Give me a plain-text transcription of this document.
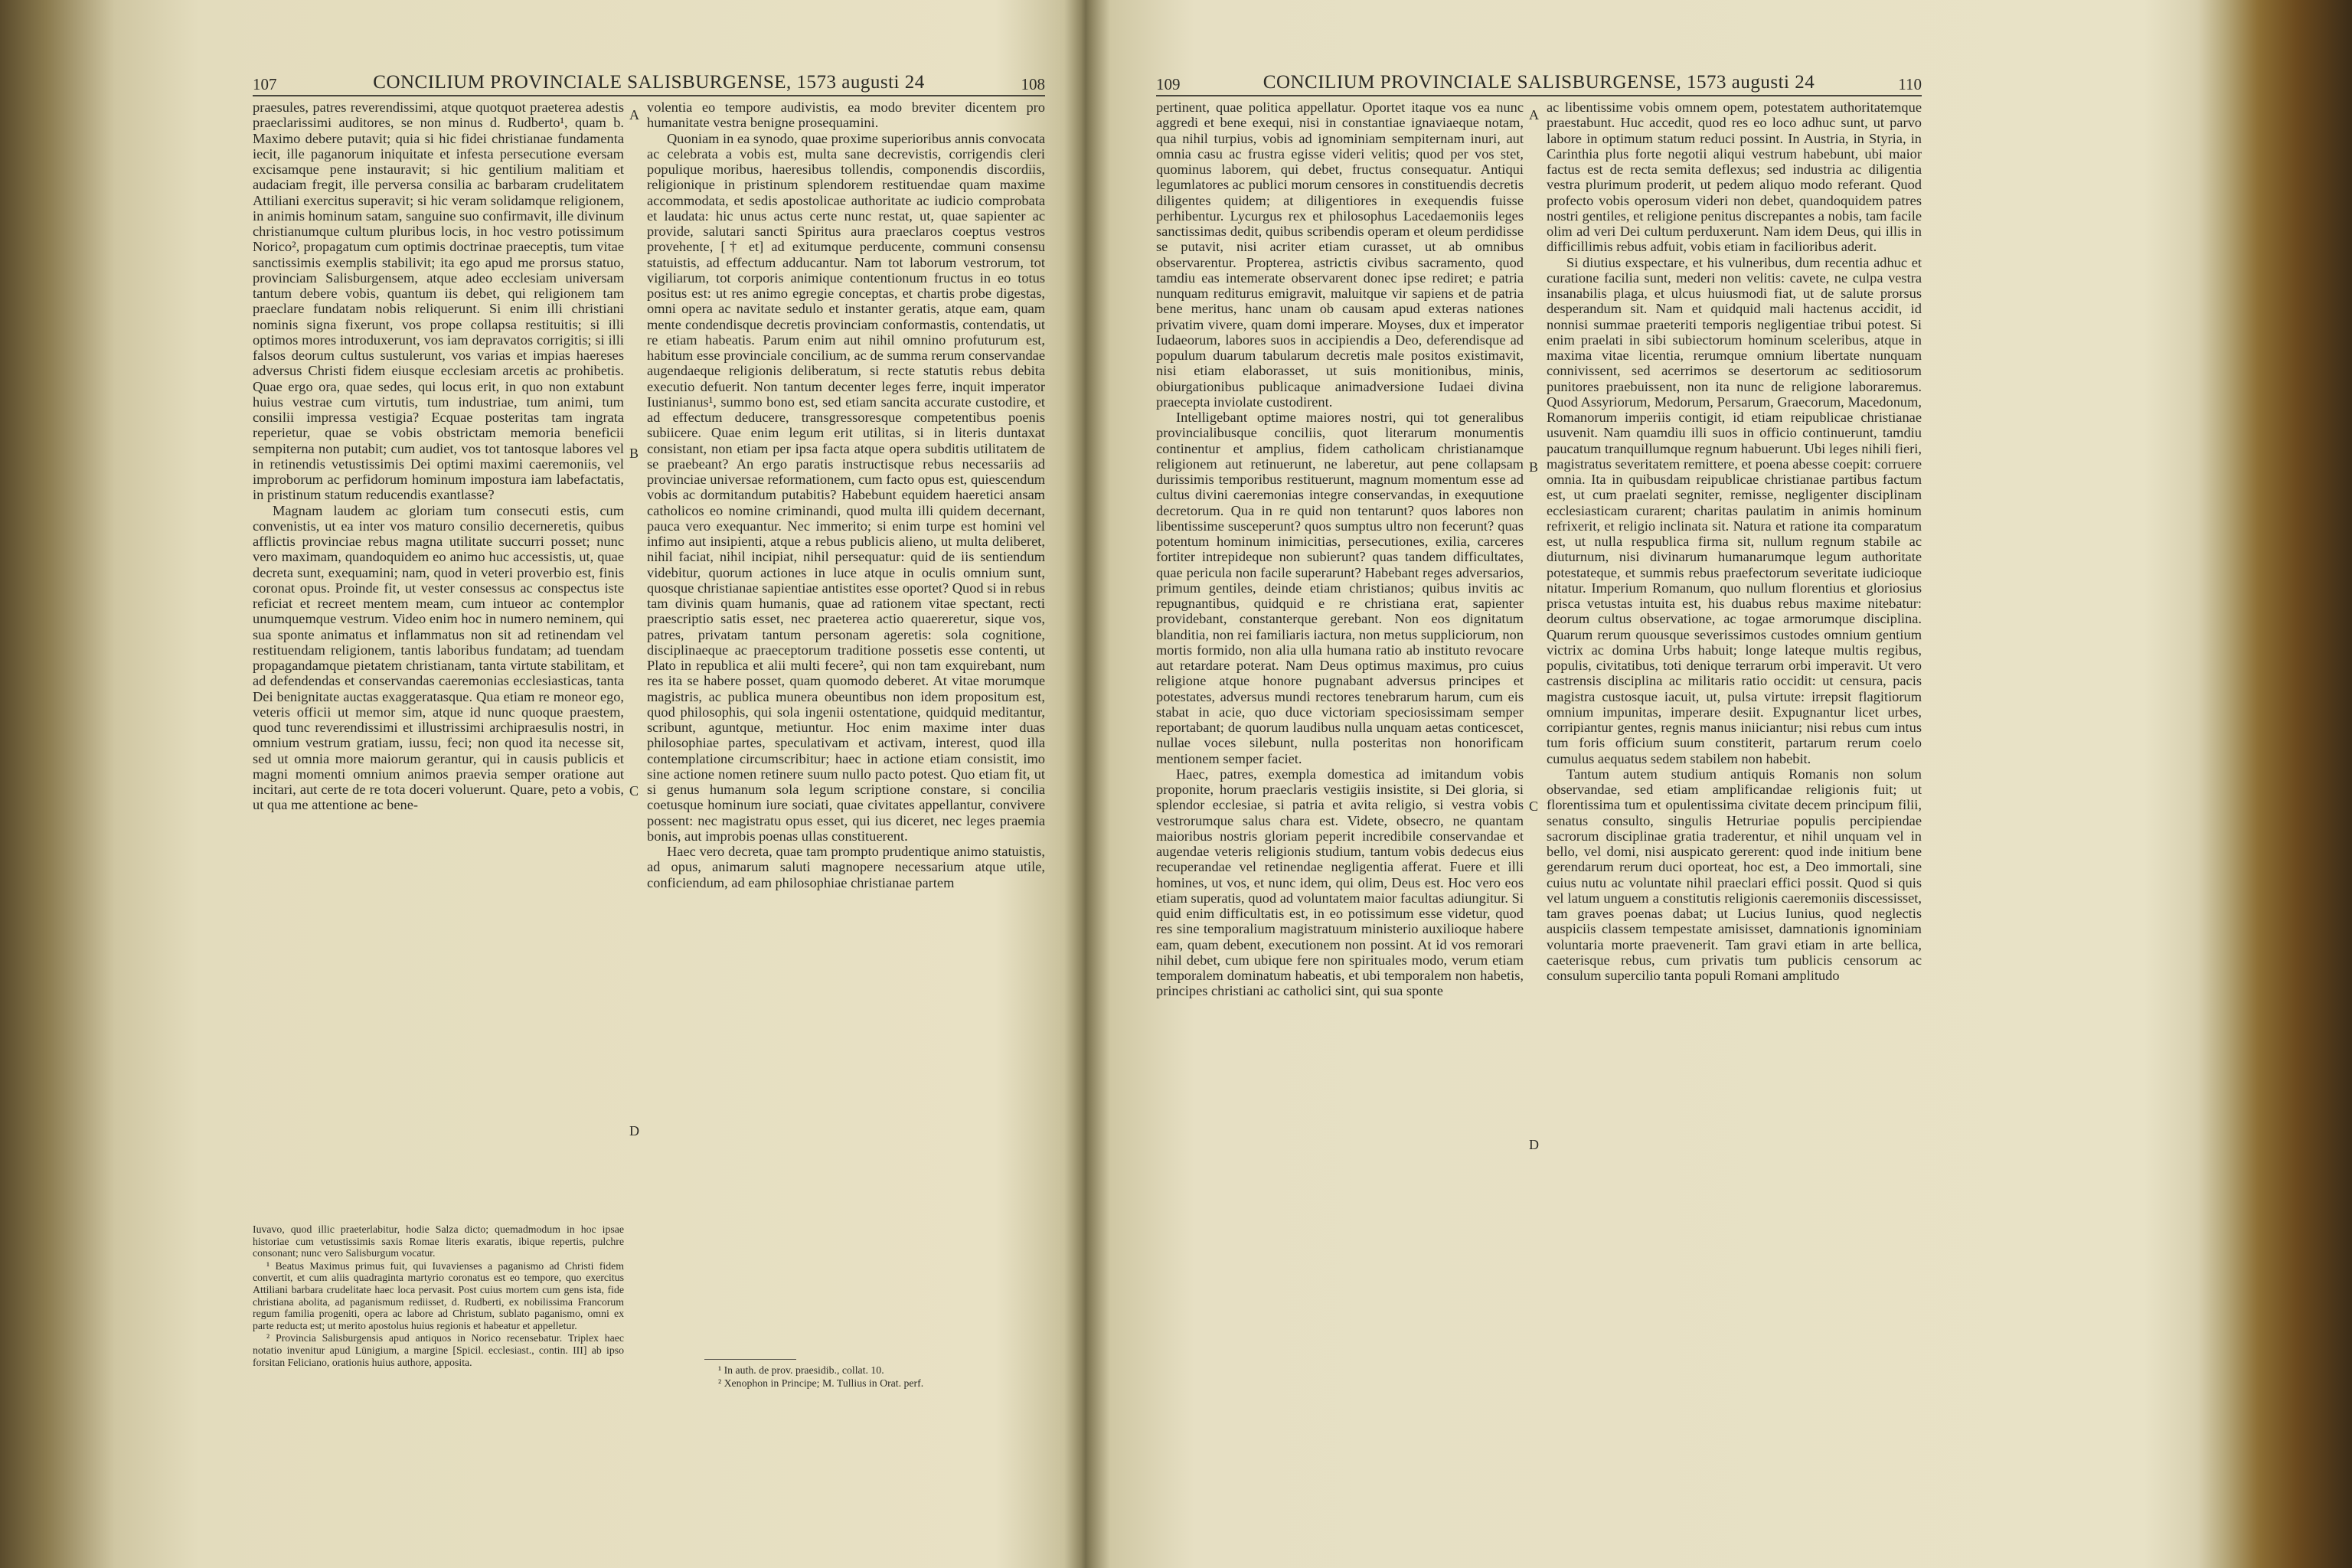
107	CONCILIUM PROVINCIALE SALISBURGENSE, 1573 augusti 24	108

praesules, patres reverendissimi, atque quotquot praeterea adestis praeclarissimi auditores, se non minus d. Rudberto¹, quam b. Maximo debere putavit; quia si hic fidei christianae fundamenta iecit, ille paganorum iniquitate et infesta persecutione eversam excisamque pene instauravit; si hic gentilium malitiam et audaciam fregit, ille perversa consilia ac barbaram crudelitatem Attiliani exercitus superavit; si hic veram solidamque religionem, in animis hominum satam, sanguine suo confirmavit, ille divinum christianumque cultum pluribus locis, in hoc vestro potissimum Norico², propagatum cum optimis doctrinae praeceptis, tum vitae sanctissimis exemplis stabilivit; ita ego apud me prorsus statuo, provinciam Salisburgensem, atque adeo ecclesiam universam tantum debere vobis, quantum iis debet, qui religionem tam praeclare fundatam nobis reliquerunt. Si enim illi christiani nominis signa fixerunt, vos prope collapsa restituitis; si illi optimos mores introduxerunt, vos iam depravatos corrigitis; si illi falsos deorum cultus sustulerunt, vos varias et impias haereses adversus Christi fidem eiusque ecclesiam arcetis ac prohibetis. Quae ergo ora, quae sedes, qui locus erit, in quo non extabunt huius vestrae cum virtutis, tum industriae, tum animi, tum consilii impressa vestigia? Ecquae posteritas tam ingrata reperietur, quae se vobis obstrictam memoria beneficii sempiterna non putabit; cum audiet, vos tot tantosque labores vel in retinendis vetustissimis Dei optimi maximi caeremoniis, vel improborum ac perfidorum hominum impostura iam labefactatis, in pristinum statum reducendis exantlasse?

Magnam laudem ac gloriam tum consecuti estis, cum convenistis, ut ea inter vos maturo consilio decerneretis, quibus afflictis provinciae rebus magna utilitate succurri posset; nunc vero maximam, quandoquidem eo animo huc accessistis, ut, quae decreta sunt, exequamini; nam, quod in veteri proverbio est, finis coronat opus. Proinde fit, ut vester consessus ac conspectus iste reficiat et recreet mentem meam, cum intueor ac contemplor unumquemque vestrum. Video enim hoc in numero neminem, qui sua sponte animatus et inflammatus non sit ad retinendam vel restituendam religionem, tantis laboribus fundatam; ad tuendam propagandamque pietatem christianam, tanta virtute stabilitam, et ad defendendas et conservandas caeremonias ecclesiasticas, tanta Dei benignitate auctas exaggeratasque. Qua etiam re moneor ego, veteris officii ut memor sim, atque id nunc quoque praestem, quod tunc reverendissimi et illustrissimi archipraesulis nostri, in omnium vestrum gratiam, iussu, feci; non quod ita necesse sit, sed ut omnia more maiorum gerantur, qui in causis publicis et magni momenti omnium animos praevia semper oratione aut incitari, aut certe de re tota doceri voluerunt. Quare, peto a vobis, ut qua me attentione ac bene-

A
B
C
D

volentia eo tempore audivistis, ea modo breviter dicentem pro humanitate vestra benigne prosequamini.

Quoniam in ea synodo, quae proxime superioribus annis convocata ac celebrata a vobis est, multa sane decrevistis, corrigendis cleri populique moribus, haeresibus tollendis, componendis discordiis, religionique in pristinum splendorem restituendae quam maxime accommodata, et sedis apostolicae authoritate ac iudicio comprobata et laudata: hic unus actus certe nunc restat, ut, quae sapienter ac provide, salutari sancti Spiritus aura praeclaros coeptus vestros provehente, [† et] ad exitumque perducente, communi consensu statuistis, ad effectum adducantur. Nam tot laborum vestrorum, tot vigiliarum, tot corporis animique contentionum fructus in eo totus positus est: ut res animo egregie conceptas, et chartis probe digestas, omni opera ac navitate sedulo et instanter geratis, atque eam, quam mente condendisque decretis provinciam conformastis, contendatis, ut re etiam habeatis. Parum enim aut nihil omnino profuturum est, habitum esse provinciale concilium, ac de summa rerum conservandae augendaeque religionis deliberatum, si recte statutis rebus debita executio defuerit. Non tantum decenter leges ferre, inquit imperator Iustinianus¹, summo bono est, sed etiam sancita accurate custodire, et ad effectum deducere, transgressoresque competentibus poenis subiicere. Quae enim legum erit utilitas, si in literis duntaxat consistant, non etiam per ipsa facta atque opera subditis utilitatem de se praebeant? An ergo paratis instructisque rebus necessariis ad provinciae universae reformationem, cum facto opus est, quiescendum vobis ac dormitandum putabitis? Habebunt equidem haeretici ansam catholicos eo nomine criminandi, quod multa illi quidem decernant, pauca vero exequantur. Nec immerito; si enim turpe est homini vel infimo aut insipienti, atque a rebus publicis alieno, ut multa deliberet, nihil faciat, nihil incipiat, nihil persequatur: quid de iis sentiendum videbitur, quorum actiones in luce atque in oculis omnium sunt, quosque christianae sapientiae antistites esse oportet? Quod si in rebus tam divinis quam humanis, quae ad rationem vitae spectant, recti praescriptio satis esset, nec praeterea actio quaereretur, sique vos, patres, privatam tantum personam ageretis: sola cognitione, disciplinaeque ac praeceptorum traditione possetis esse contenti, ut Plato in republica et alii multi fecere², qui non tam exquirebant, num res ita se habere posset, quam quomodo deberet. At vitae morumque magistris, ac publica munera obeuntibus non idem propositum est, quod philosophis, qui sola ingenii ostentatione, quidquid meditantur, scribunt, aguntque, metiuntur. Hoc enim maxime inter duas philosophiae partes, speculativam et activam, interest, quod illa contemplatione circumscribitur; haec in actione etiam consistit, imo sine actione nomen retinere suum nullo pacto potest. Quo etiam fit, ut si genus humanum sola legum scriptione constare, si concilia coetusque hominum iure sociati, quae civitates appellantur, convivere possent: nec magistratu opus esset, qui ius diceret, nec leges praemia bonis, aut improbis poenas ullas constituerent.

Haec vero decreta, quae tam prompto prudentique animo statuistis, ad opus, animarum saluti magnopere necessarium atque utile, conficiendum, ad eam philosophiae christianae partem

Iuvavo, quod illic praeterlabitur, hodie Salza dicto; quemadmodum in hoc ipsae historiae cum vetustissimis saxis Romae literis exaratis, ibique repertis, pulchre consonant; nunc vero Salisburgum vocatur.

¹ Beatus Maximus primus fuit, qui Iuvavienses a paganismo ad Christi fidem convertit, et cum aliis quadraginta martyrio coronatus est eo tempore, quo exercitus Attiliani barbara crudelitate haec loca pervasit. Post cuius mortem cum gens ista, fide christiana abolita, ad paganismum rediisset, d. Rudberti, ex nobilissima Francorum regum familia progeniti, opera ac labore ad Christum, sublato paganismo, omni ex parte reducta est; ut merito apostolus huius regionis et habeatur et appelletur.

² Provincia Salisburgensis apud antiquos in Norico recensebatur. Triplex haec notatio invenitur apud Lünigium, a margine [Spicil. ecclesiast., contin. III] ab ipso forsitan Feliciano, orationis huius authore, apposita.

¹ In auth. de prov. praesidib., collat. 10.

² Xenophon in Principe; M. Tullius in Orat. perf.

109	CONCILIUM PROVINCIALE SALISBURGENSE, 1573 augusti 24	110

pertinent, quae politica appellatur. Oportet itaque vos ea nunc aggredi et bene exequi, nisi in constantiae ignaviaeque notam, qua nihil turpius, vobis ad ignominiam sempiternam inuri, aut omnia casu ac frustra egisse videri velitis; quod per vos stet, quominus laborem, qui debet, fructus consequatur. Antiqui legumlatores ac publici morum censores in constituendis decretis diligentes quidem; at diligentiores in exequendis fuisse perhibentur. Lycurgus rex et philosophus Lacedaemoniis leges sanctissimas dedit, quibus scribendis operam et oleum perdidisse se putavit, nisi acriter etiam curasset, ut ab omnibus observarentur. Propterea, astrictis civibus sacramento, quod tamdiu eas intemerate observarent donec ipse rediret; e patria nunquam rediturus emigravit, maluitque vir sapiens et de patria bene meritus, hanc unam ob causam apud exteras nationes privatim vivere, quam domi imperare. Moyses, dux et imperator Iudaeorum, labores suos in accipiendis a Deo, deferendisque ad populum duarum tabularum decretis male positos existimavit, nisi etiam elaborasset, ut suis monitionibus, minis, obiurgationibus publicaque animadversione Iudaei divina praecepta inviolate custodirent.

Intelligebant optime maiores nostri, qui tot generalibus provincialibusque conciliis, quot literarum monumentis continentur et amplius, fidem catholicam christianamque religionem aut retinuerunt, ne laberetur, aut pene collapsam durissimis temporibus restituerunt, magnum momentum esse ad cultus divini caeremonias integre conservandas, in exequutione decretorum. Qua in re quid non tentarunt? quos labores non libentissime susceperunt? quos sumptus ultro non fecerunt? quas potentum hominum inimicitias, persecutiones, exilia, carceres fortiter intrepideque non subierunt? quas tandem difficultates, quae pericula non facile superarunt? Habebant reges adversarios, primum gentiles, deinde etiam christianos; quibus invitis ac repugnantibus, quidquid e re christiana erat, sapienter providebant, constanterque gerebant. Non eos dignitatum blanditia, non rei familiaris iactura, non metus suppliciorum, non mortis formido, non alia ulla humana ratio ab instituto revocare aut retardare poterat. Nam Deus optimus maximus, pro cuius religione atque honore pugnabant adversus principes et potestates, adversus mundi rectores tenebrarum harum, cum eis stabat in acie, quo duce victoriam speciosissimam semper reportabant; de quorum laudibus nulla unquam aetas conticescet, nullae voces silebunt, nulla posteritas non honorificam mentionem semper faciet.

Haec, patres, exempla domestica ad imitandum vobis proponite, horum praeclaris vestigiis insistite, si Dei gloria, si splendor ecclesiae, si patria et avita religio, si vestra vobis vestrorumque salus chara est. Videte, obsecro, ne quantam maioribus nostris gloriam peperit incredibile conservandae et augendae veteris religionis studium, tantum vobis dedecus eius recuperandae vel retinendae negligentia afferat. Fuere et illi homines, ut vos, et nunc idem, qui olim, Deus est. Hoc vero eos etiam superatis, quod ad voluntatem maior facultas adiungitur. Si quid enim difficultatis est, in eo potissimum esse videtur, quod res sine temporalium magistratuum ministerio auxilioque habere eam, quam debent, executionem non possint. At id vos remorari nihil debet, cum ubique fere non spirituales modo, verum etiam temporalem dominatum habeatis, et ubi temporalem non habetis, principes christiani ac catholici sint, qui sua sponte

A
B
C
D

ac libentissime vobis omnem opem, potestatem authoritatemque praestabunt. Huc accedit, quod res eo loco adhuc sunt, ut parvo labore in optimum statum reduci possint. In Austria, in Styria, in Carinthia plus forte negotii aliqui vestrum habebunt, ubi maior factus est de recta semita deflexus; sed industria ac diligentia vestra plurimum proderit, ut pedem aliquo modo referant. Quod profecto vobis operosum videri non debet, quandoquidem patres nostri gentiles, et religione penitus discrepantes a nobis, tam facile olim ad veri Dei cultum perduxerunt. Nam idem Deus, qui illis in difficillimis rebus adfuit, vobis etiam in facilioribus aderit.

Si diutius exspectare, et his vulneribus, dum recentia adhuc et curatione facilia sunt, mederi non velitis: cavete, ne culpa vestra insanabilis plaga, et ulcus huiusmodi fiat, ut de salute prorsus desperandum sit. Nam et quidquid mali hactenus accidit, id nonnisi summae praeteriti temporis negligentiae tribui potest. Si enim praelati in sibi subiectorum hominum sceleribus, atque in maxima vitae licentia, rerumque omnium libertate nunquam connivissent, sed acerrimos se desertorum ac seditiosorum punitores praebuissent, non ita nunc de religione laboraremus. Quod Assyriorum, Medorum, Persarum, Graecorum, Macedonum, Romanorum imperiis contigit, id etiam reipublicae christianae usuvenit. Nam quamdiu illi suos in officio continuerunt, tamdiu paucatum tranquillumque regnum habuerunt. Ubi leges nihili fieri, magistratus severitatem remittere, et poena abesse coepit: corruere omnia. Ita in quibusdam reipublicae christianae partibus factum est, ut cum praelati segniter, remisse, negligenter disciplinam ecclesiasticam curarent; charitas paulatim in animis hominum refrixerit, et religio inclinata sit. Natura et ratione ita comparatum est, ut nulla respublica firma sit, nullum regnum stabile ac diuturnum, nisi divinarum humanarumque legum authoritate potestateque, et summis rebus praefectorum severitate iudicioque nitatur. Imperium Romanum, quo nullum florentius et gloriosius prisca vetustas intuita est, his duabus rebus maxime nitebatur: deorum cultus observatione, ac togae armorumque disciplina. Quarum rerum quousque severissimos custodes omnium gentium victrix ac domina Urbs habuit; longe lateque multis regibus, populis, civitatibus, toti denique terrarum orbi imperavit. Ut vero castrensis disciplina ac militaris ratio occidit: ut censura, pacis magistra custosque iacuit, ut, pulsa virtute: irrepsit flagitiorum omnium impunitas, imperare desiit. Expugnantur licet urbes, corripiantur gentes, regnis manus iniiciantur; nisi rebus cum intus tum foris officium suum constiterit, partarum rerum coelo cumulus aequatus sedem stabilem non habebit.

Tantum autem studium antiquis Romanis non solum observandae, sed etiam amplificandae religionis fuit; ut florentissima tum et opulentissima civitate decem principum filii, senatus consulto, singulis Hetruriae populis percipiendae sacrorum disciplinae gratia traderentur, et nihil unquam vel in bello, vel domi, nisi auspicato gererent: quod inde initium bene gerendarum rerum duci oporteat, hoc est, a Deo immortali, sine cuius nutu ac voluntate nihil praeclari effici possit. Quod si quis vel latum unguem a constitutis religionis caeremoniis discessisset, tam graves poenas dabat; ut Lucius Iunius, quod neglectis auspiciis classem tempestate amisisset, damnationis ignominiam voluntaria morte praevenerit. Tam gravi etiam in arte bellica, caeterisque rebus, cum privatis tum publicis censorum ac consulum supercilio tanta populi Romani amplitudo
